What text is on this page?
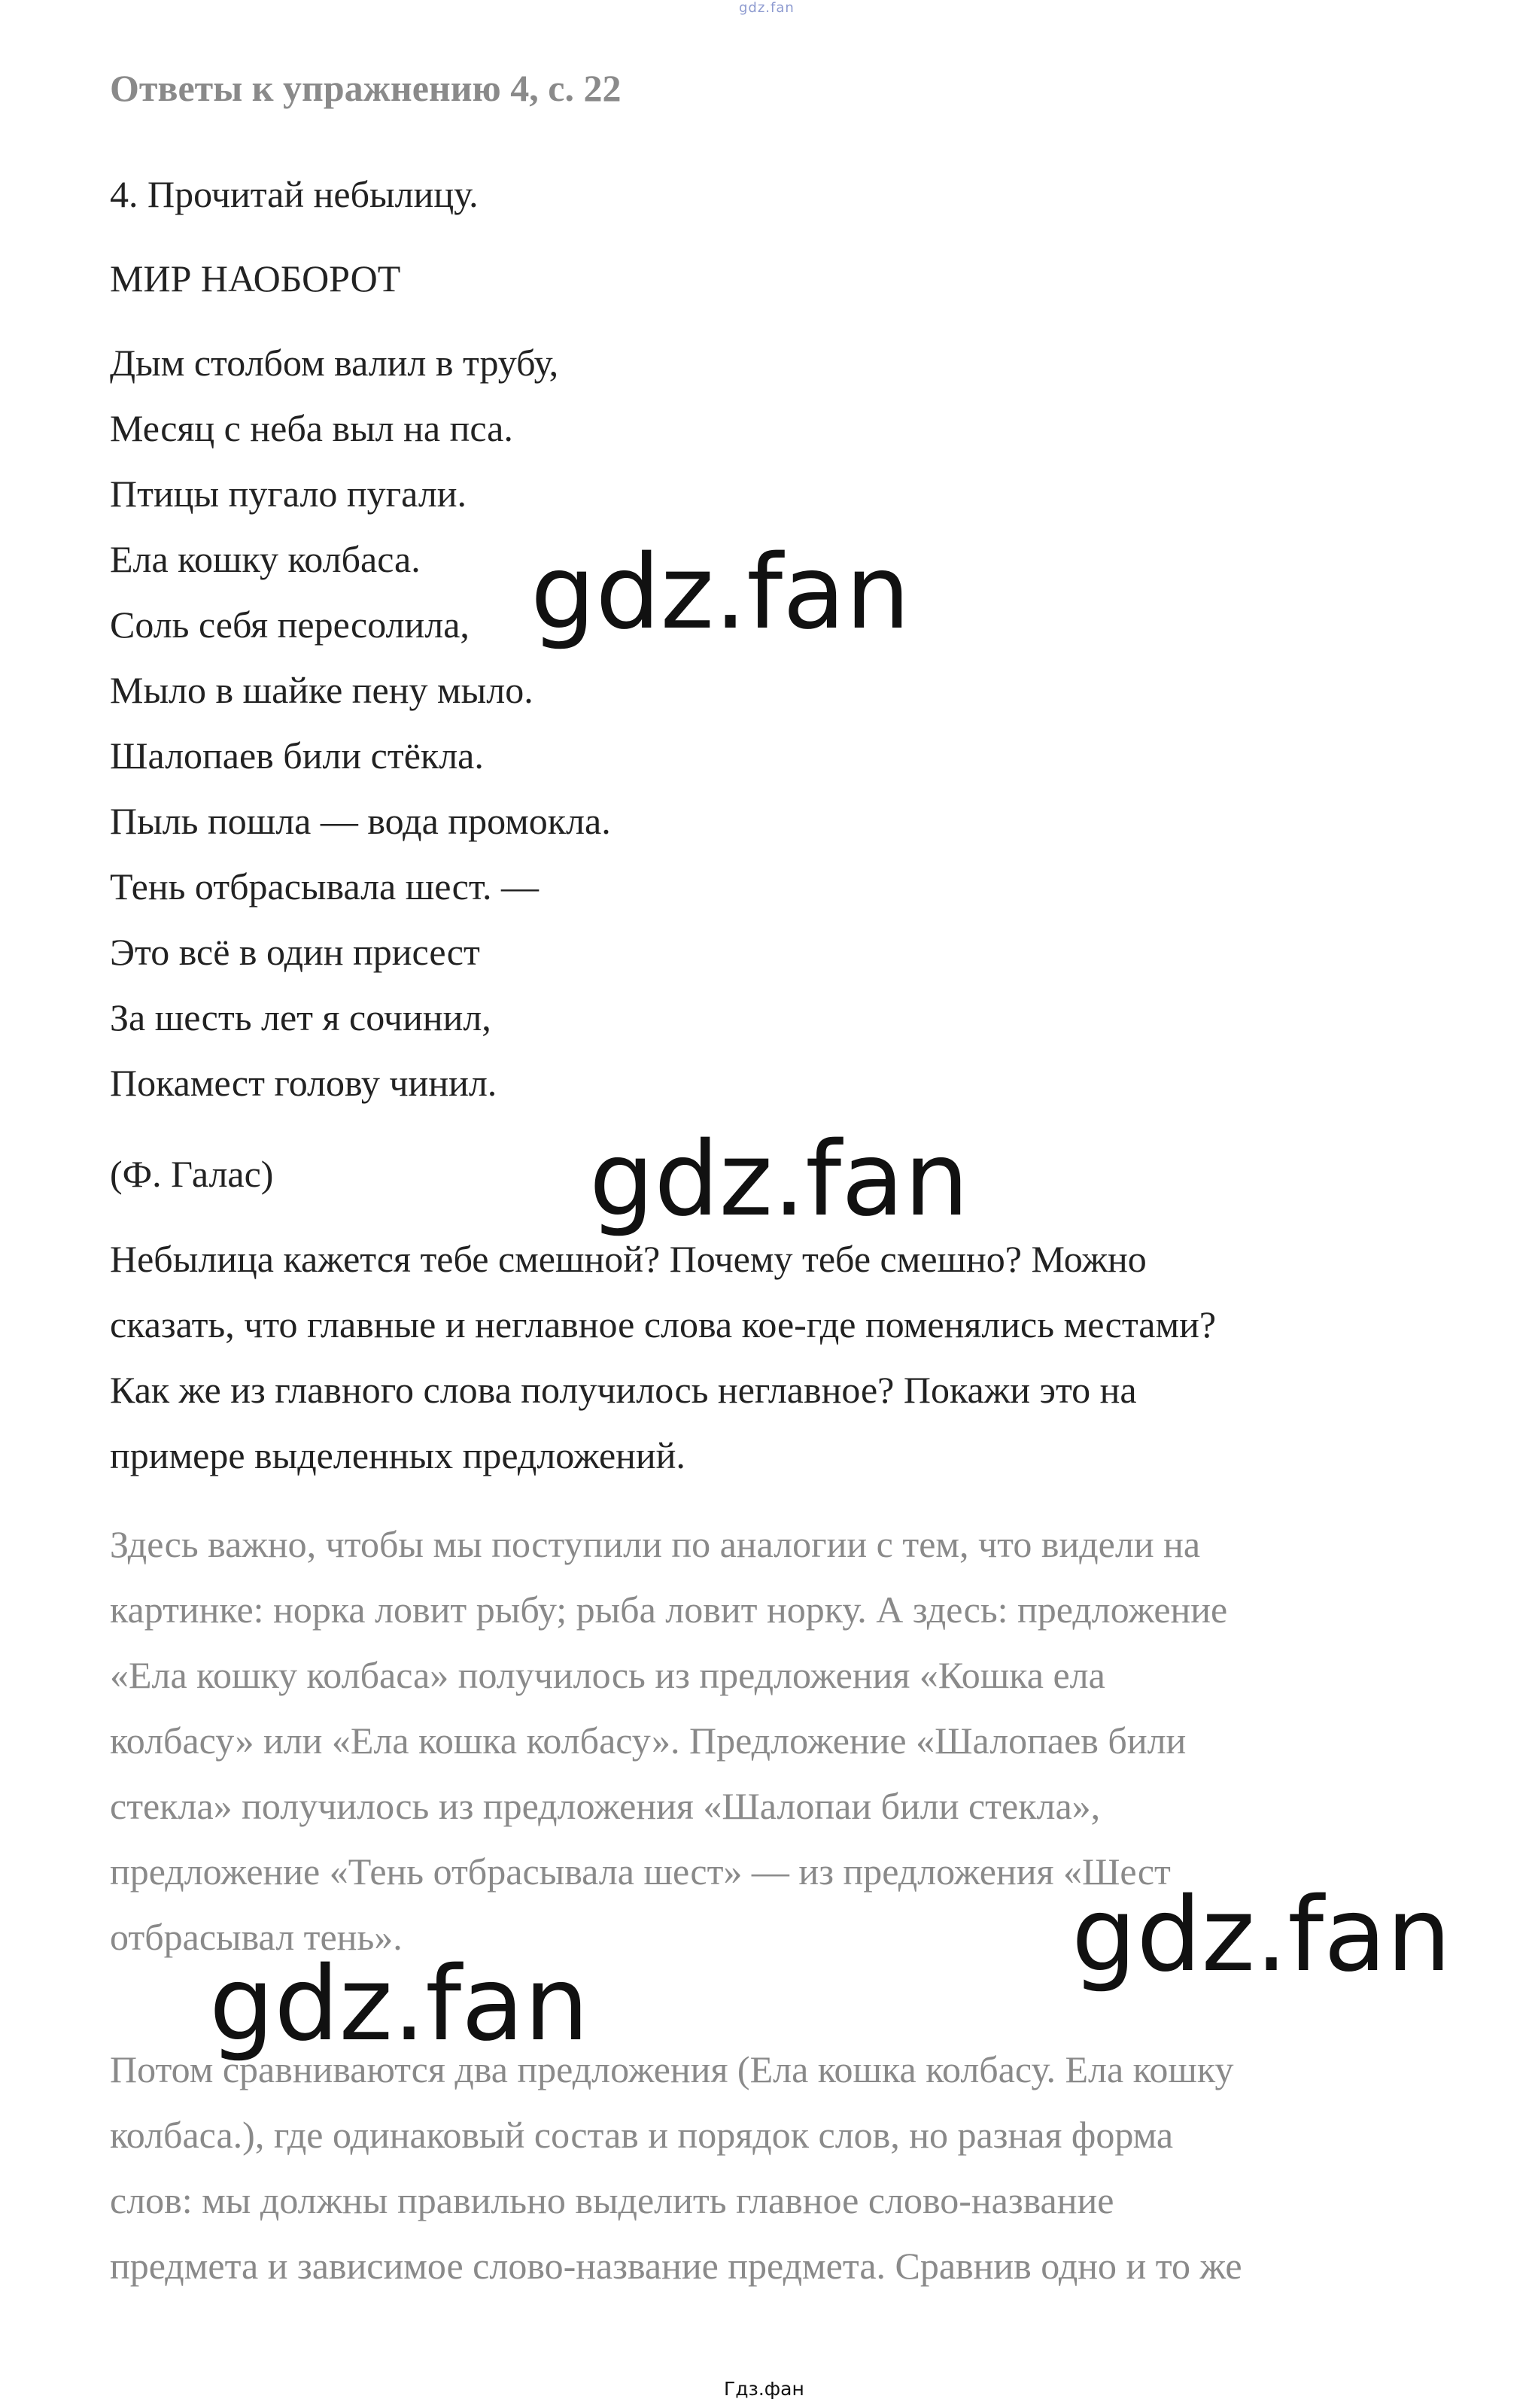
gdz.fan
Ответы к упражнению 4, с. 22
4. Прочитай небылицу.
МИР НАОБОРОТ
Дым столбом валил в трубу,
Месяц с неба выл на пса.
Птицы пугало пугали.
Ела кошку колбаса.
Соль себя пересолила,
Мыло в шайке пену мыло.
Шалопаев били стёкла.
Пыль пошла — вода промокла.
Тень отбрасывала шест. —
Это всё в один присест
За шесть лет я сочинил,
Покамест голову чинил.
(Ф. Галас)
Небылица кажется тебе смешной? Почему тебе смешно? Можно
сказать, что главные и неглавное слова кое-где поменялись местами?
Как же из главного слова получилось неглавное? Покажи это на
примере выделенных предложений.
Здесь важно, чтобы мы поступили по аналогии с тем, что видели на
картинке: норка ловит рыбу; рыба ловит норку. А здесь: предложение
«Ела кошку колбаса» получилось из предложения «Кошка ела
колбасу» или «Ела кошка колбасу». Предложение «Шалопаев били
стекла» получилось из предложения «Шалопаи били стекла»,
предложение «Тень отбрасывала шест» — из предложения «Шест
отбрасывал тень».
Потом сравниваются два предложения (Ела кошка колбасу. Ела кошку
колбаса.), где одинаковый состав и порядок слов, но разная форма
слов: мы должны правильно выделить главное слово-название
предмета и зависимое слово-название предмета. Сравнив одно и то же
gdz.fan
gdz.fan
gdz.fan
gdz.fan
Гдз.фан
